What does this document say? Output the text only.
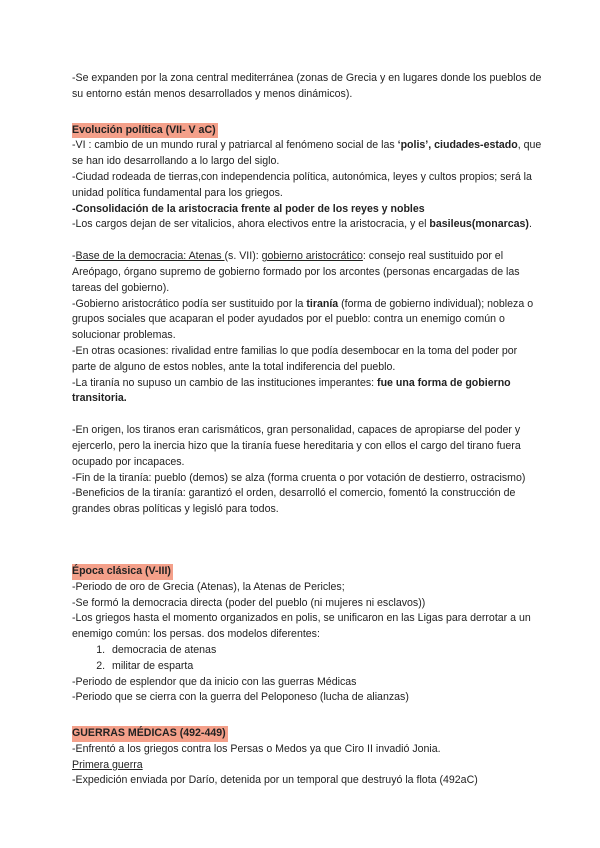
-Se expanden por la zona central mediterránea (zonas de Grecia y en lugares donde los pueblos de su entorno están menos desarrollados y menos dinámicos).

Evolución política (VII- V aC)

-VI : cambio de un mundo rural y patriarcal al fenómeno social de las ‘polis’, ciudades-estado, que se han ido desarrollando a lo largo del siglo.

-Ciudad rodeada de tierras,con independencia política, autonómica, leyes y cultos propios; será la unidad política fundamental para los griegos.

-Consolidación de la aristocracia frente al poder de los reyes y nobles

-Los cargos dejan de ser vitalicios, ahora electivos entre la aristocracia, y el basileus(monarcas).

-Base de la democracia: Atenas (s. VII): gobierno aristocrático: consejo real sustituido por el Areópago, órgano supremo de gobierno formado por los arcontes (personas encargadas de las tareas del gobierno).

-Gobierno aristocrático podía ser sustituido por la tiranía (forma de gobierno individual); nobleza o grupos sociales que acaparan el poder ayudados por el pueblo: contra un enemigo común o solucionar problemas.

-En otras ocasiones: rivalidad entre familias lo que podía desembocar en la toma del poder por parte de alguno de estos nobles, ante la total indiferencia del pueblo.

-La tiranía no supuso un cambio de las instituciones imperantes: fue una forma de gobierno transitoria.

-En origen, los tiranos eran carismáticos, gran personalidad, capaces de apropiarse del poder y ejercerlo, pero la inercia hizo que la tiranía fuese hereditaria y con ellos el cargo del tirano fuera ocupado por incapaces.

-Fin de la tiranía: pueblo (demos) se alza (forma cruenta o por votación de destierro, ostracismo)

-Beneficios de la tiranía: garantizó el orden, desarrolló el comercio, fomentó la construcción de grandes obras políticas y legisló para todos.

Época clásica (V-III)

-Periodo de oro de Grecia (Atenas), la Atenas de Pericles;

-Se formó la democracia directa (poder del pueblo (ni mujeres ni esclavos))

-Los griegos hasta el momento organizados en polis, se unificaron en las Ligas para derrotar a un enemigo común: los persas. dos modelos diferentes:

1. democracia de atenas
2. militar de esparta

-Periodo de esplendor que da inicio con las guerras Médicas

-Periodo que se cierra con la guerra del Peloponeso (lucha de alianzas)

GUERRAS MÉDICAS (492-449)

-Enfrentó a los griegos contra los Persas o Medos ya que Ciro II invadió Jonia.

Primera guerra

-Expedición enviada por Darío, detenida por un temporal que destruyó la flota (492aC)
